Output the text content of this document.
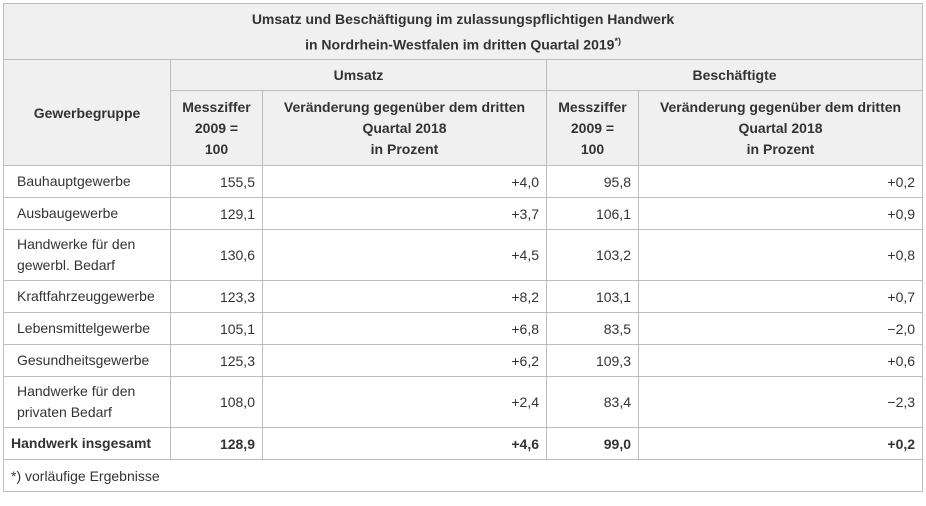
Umsatz und Beschäftigung im zulassungspflichtigen Handwerk
in Nordrhein-Westfalen im dritten Quartal 2019*)
Gewerbegruppe	Umsatz		Beschäftigte	
	Messziffer
2009 =
100	Veränderung gegenüber dem dritten
Quartal 2018
in Prozent	Messziffer
2009 =
100	Veränderung gegenüber dem dritten
Quartal 2018
in Prozent
Bauhauptgewerbe	155,5	+4,0	95,8	+0,2
Ausbaugewerbe	129,1	+3,7	106,1	+0,9
Handwerke für den
gewerbl. Bedarf	130,6	+4,5	103,2	+0,8
Kraftfahrzeuggewerbe	123,3	+8,2	103,1	+0,7
Lebensmittelgewerbe	105,1	+6,8	83,5	−2,0
Gesundheitsgewerbe	125,3	+6,2	109,3	+0,6
Handwerke für den
privaten Bedarf	108,0	+2,4	83,4	−2,3
Handwerk insgesamt	128,9	+4,6	99,0	+0,2
*) vorläufige Ergebnisse				
